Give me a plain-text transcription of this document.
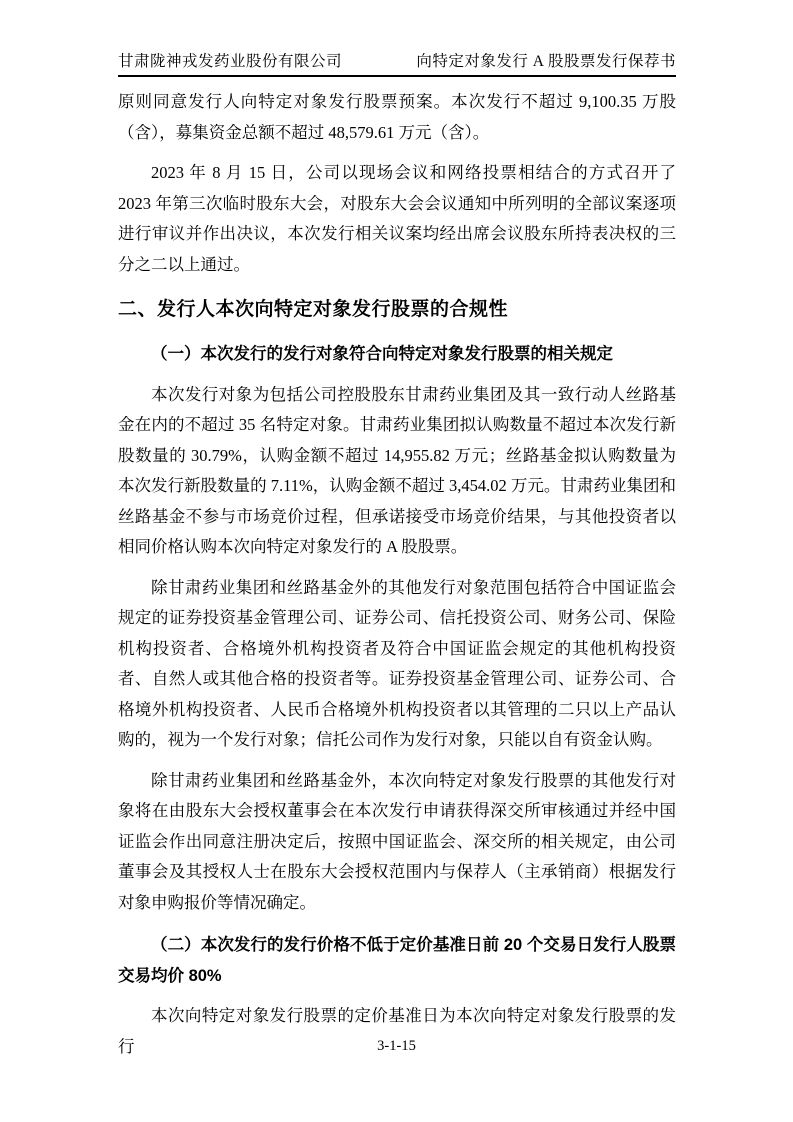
甘肃陇神戎发药业股份有限公司	向特定对象发行 A 股股票发行保荐书
原则同意发行人向特定对象发行股票预案。本次发行不超过 9,100.35 万股（含），募集资金总额不超过 48,579.61 万元（含）。
2023 年 8 月 15 日，公司以现场会议和网络投票相结合的方式召开了 2023 年第三次临时股东大会，对股东大会会议通知中所列明的全部议案逐项进行审议并作出决议，本次发行相关议案均经出席会议股东所持表决权的三分之二以上通过。
二、发行人本次向特定对象发行股票的合规性
（一）本次发行的发行对象符合向特定对象发行股票的相关规定
本次发行对象为包括公司控股股东甘肃药业集团及其一致行动人丝路基金在内的不超过 35 名特定对象。甘肃药业集团拟认购数量不超过本次发行新股数量的 30.79%，认购金额不超过 14,955.82 万元；丝路基金拟认购数量为本次发行新股数量的 7.11%，认购金额不超过 3,454.02 万元。甘肃药业集团和丝路基金不参与市场竞价过程，但承诺接受市场竞价结果，与其他投资者以相同价格认购本次向特定对象发行的 A 股股票。
除甘肃药业集团和丝路基金外的其他发行对象范围包括符合中国证监会规定的证券投资基金管理公司、证券公司、信托投资公司、财务公司、保险机构投资者、合格境外机构投资者及符合中国证监会规定的其他机构投资者、自然人或其他合格的投资者等。证券投资基金管理公司、证券公司、合格境外机构投资者、人民币合格境外机构投资者以其管理的二只以上产品认购的，视为一个发行对象；信托公司作为发行对象，只能以自有资金认购。
除甘肃药业集团和丝路基金外，本次向特定对象发行股票的其他发行对象将在由股东大会授权董事会在本次发行申请获得深交所审核通过并经中国证监会作出同意注册决定后，按照中国证监会、深交所的相关规定，由公司董事会及其授权人士在股东大会授权范围内与保荐人（主承销商）根据发行对象申购报价等情况确定。
（二）本次发行的发行价格不低于定价基准日前 20 个交易日发行人股票交易均价 80%
本次向特定对象发行股票的定价基准日为本次向特定对象发行股票的发行	3-1-15
